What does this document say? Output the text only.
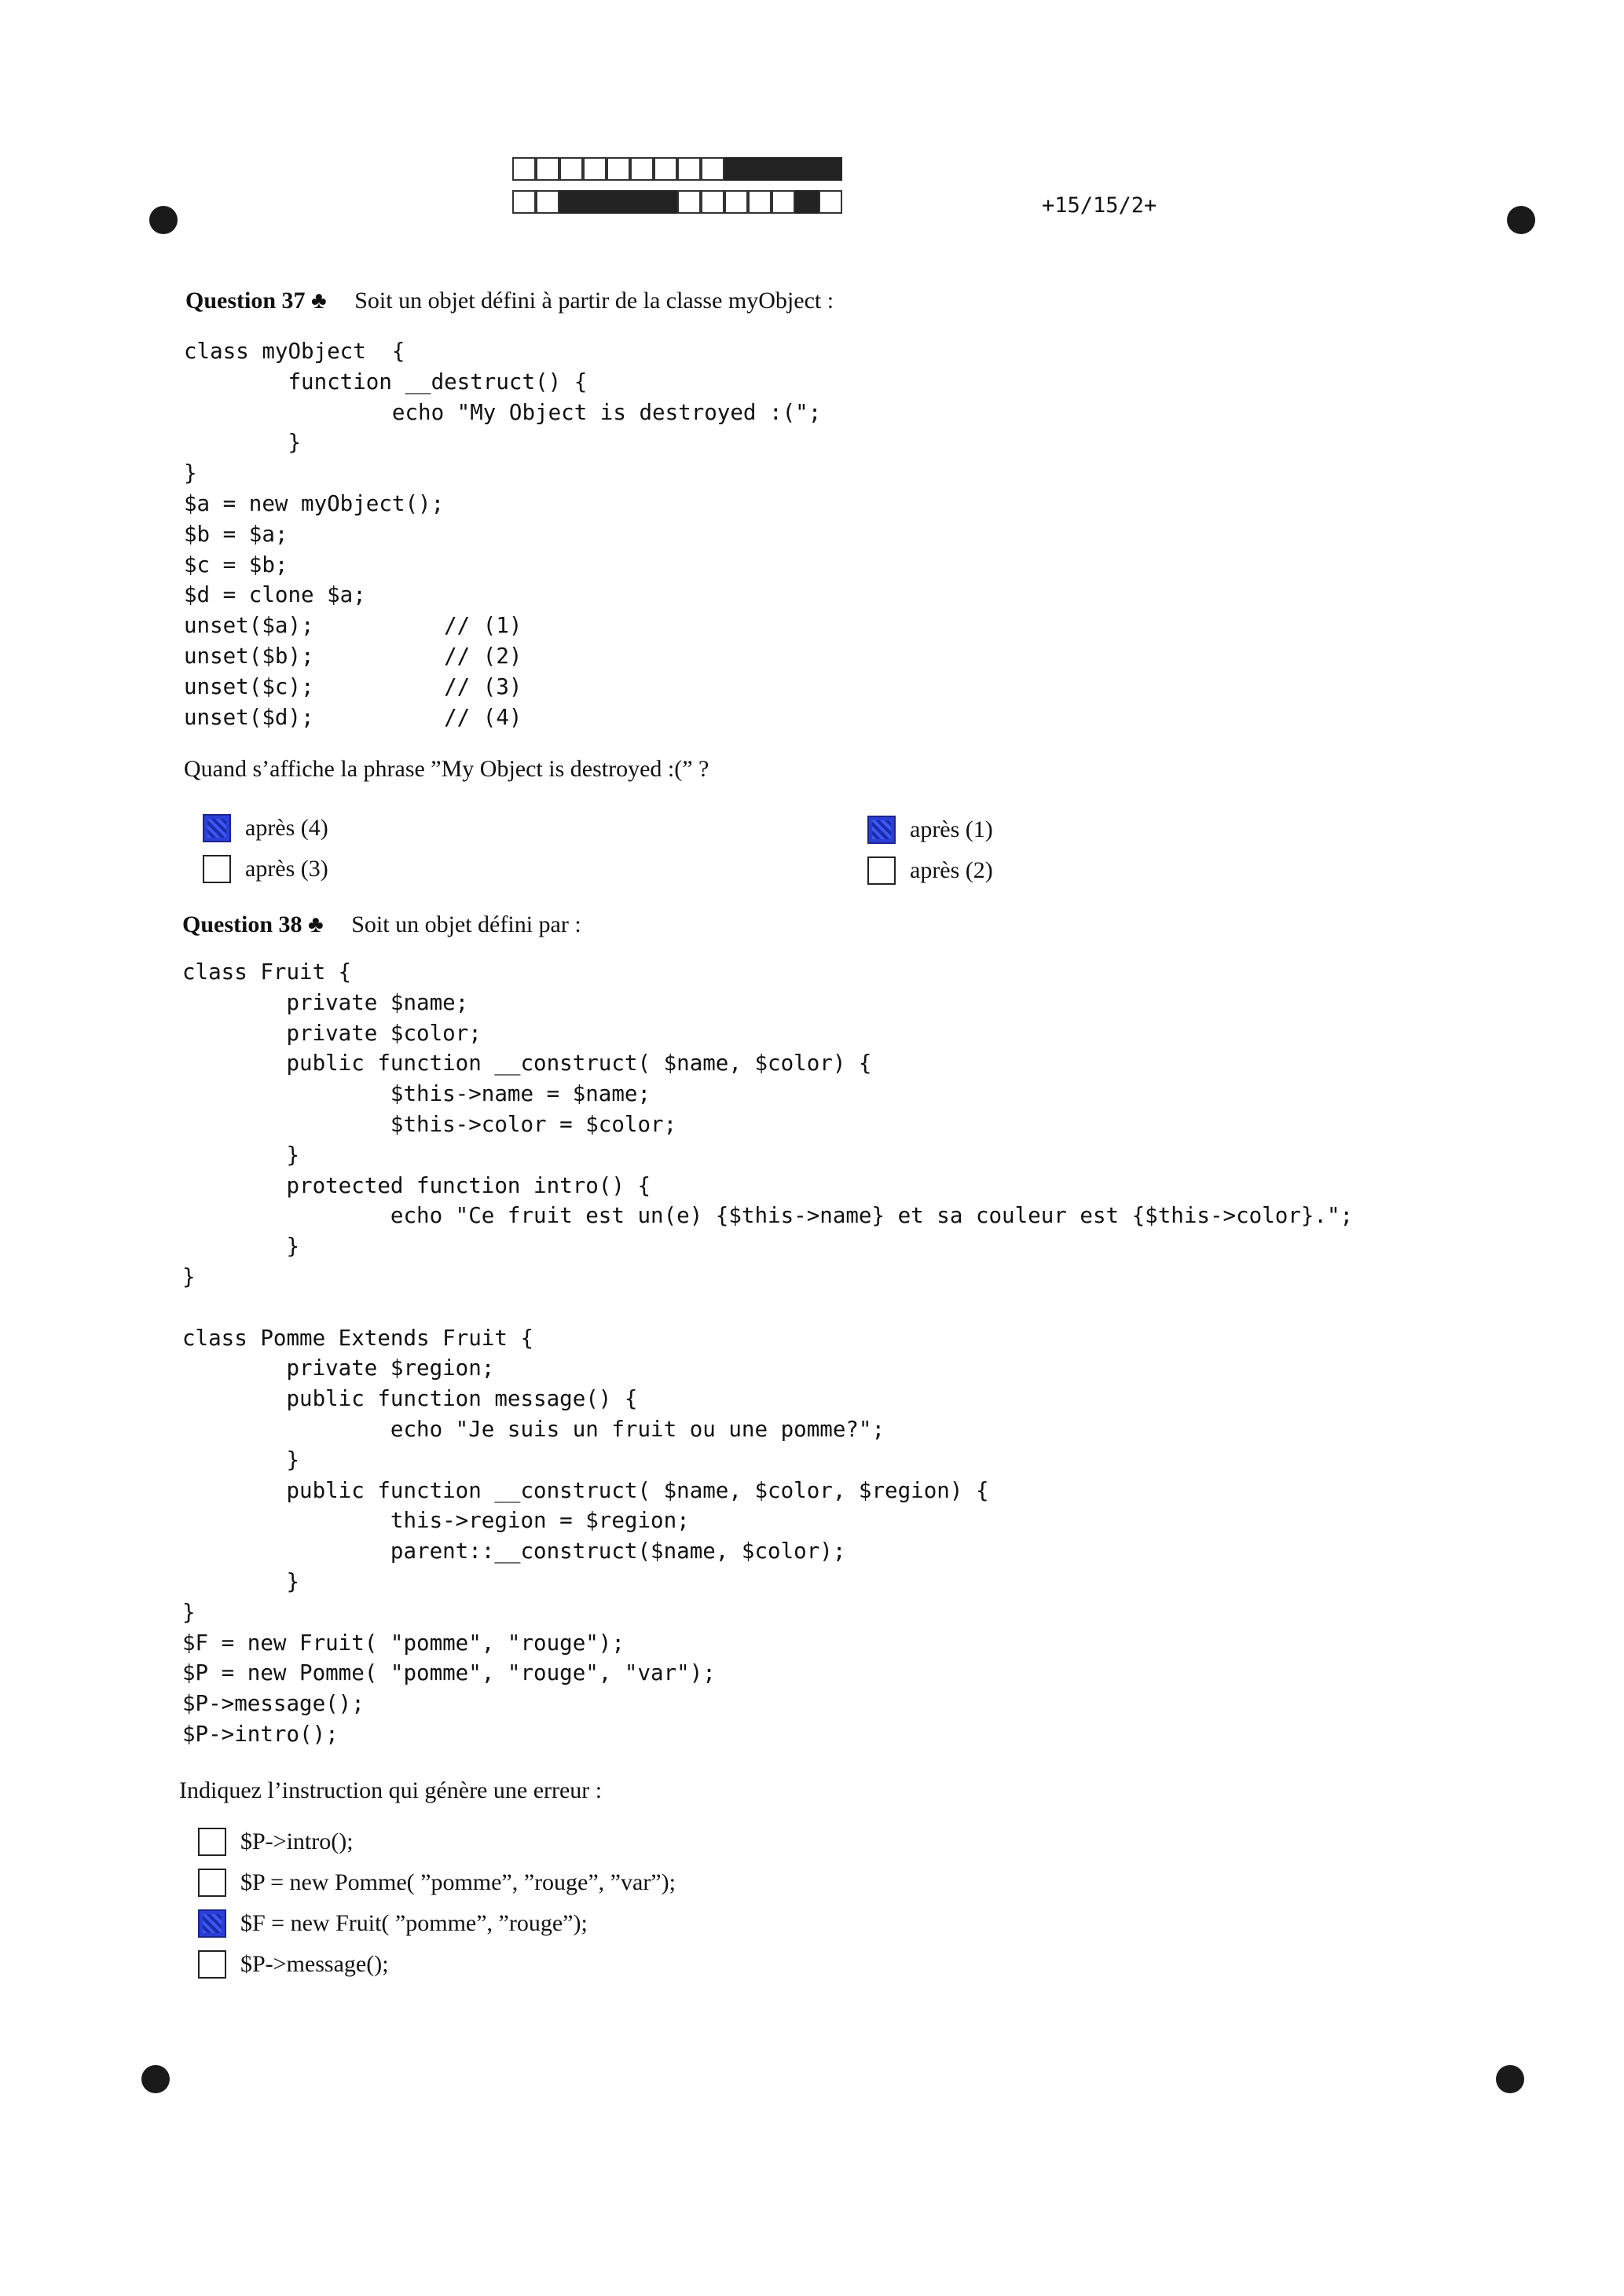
+15/15/2+
Question 37 ♣ Soit un objet défini à partir de la classe myObject :
class myObject  {
function __destruct() {
echo "My Object is destroyed :(";
}
}
$a = new myObject();
$b = $a;
$c = $b;
$d = clone $a;
unset($a);          // (1)
unset($b);          // (2)
unset($c);          // (3)
unset($d);          // (4)
Quand s’affiche la phrase ”My Object is destroyed :(” ?
après (4)
après (3)
après (1)
après (2)
Question 38 ♣ Soit un objet défini par :
class Fruit {
private $name;
private $color;
public function __construct( $name, $color) {
$this->name = $name;
$this->color = $color;
}
protected function intro() {
echo "Ce fruit est un(e) {$this->name} et sa couleur est {$this->color}.";
}
}

class Pomme Extends Fruit {
private $region;
public function message() {
echo "Je suis un fruit ou une pomme?";
}
public function __construct( $name, $color, $region) {
this->region = $region;
parent::__construct($name, $color);
}
}
$F = new Fruit( "pomme", "rouge");
$P = new Pomme( "pomme", "rouge", "var");
$P->message();
$P->intro();
Indiquez l’instruction qui génère une erreur :
$P->intro();
$P = new Pomme( ”pomme”, ”rouge”, ”var”);
$F = new Fruit( ”pomme”, ”rouge”);
$P->message();
